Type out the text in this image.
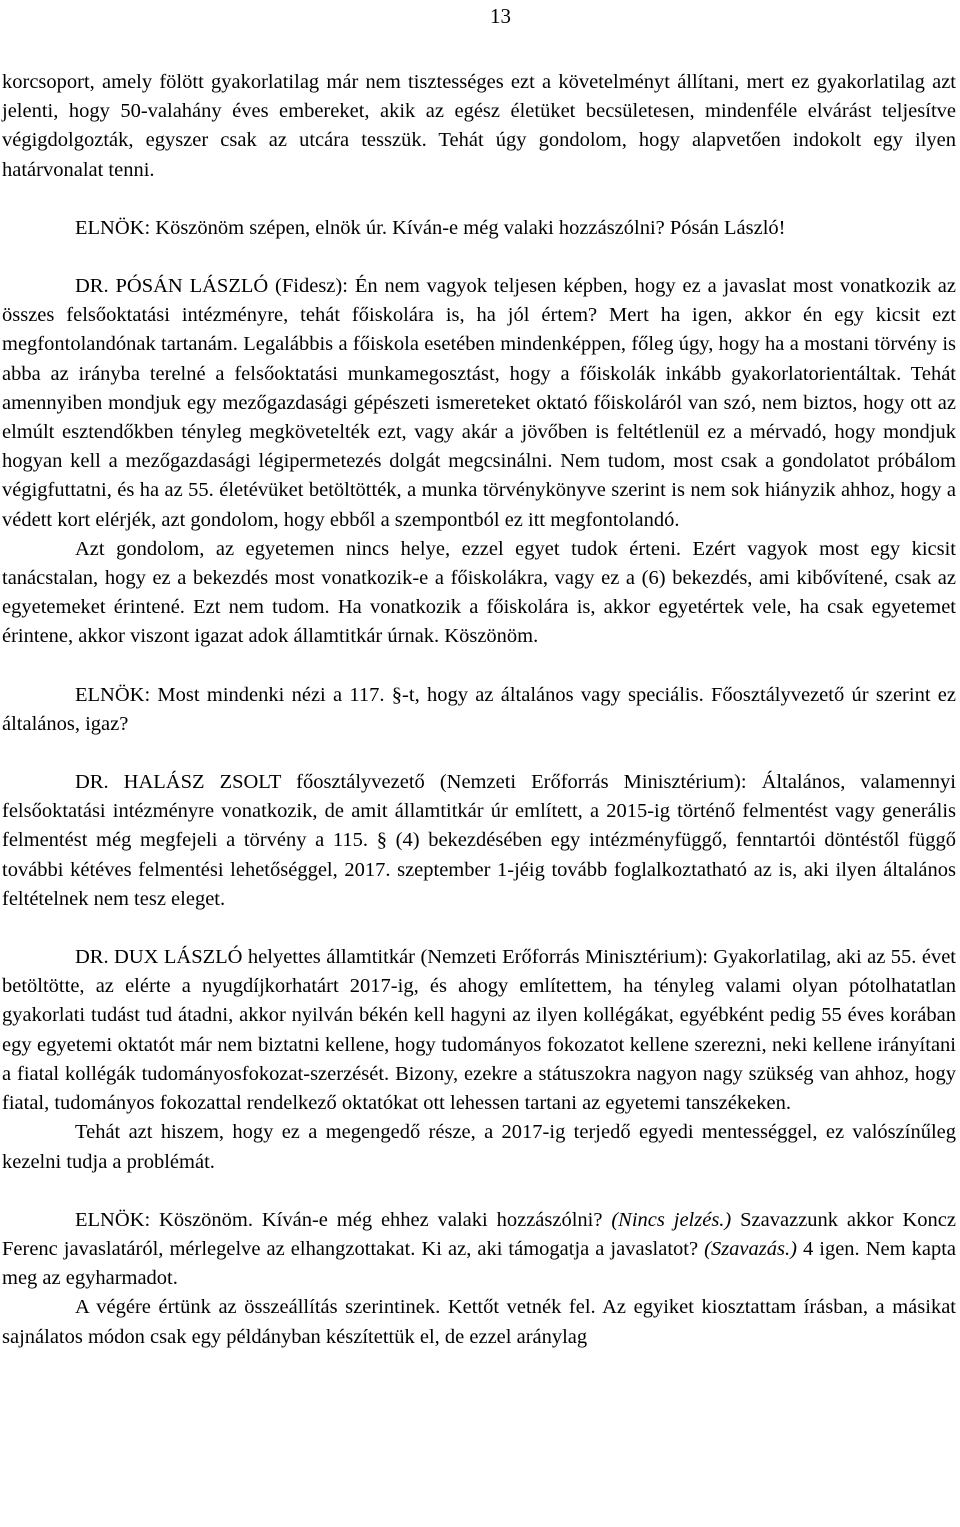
13

korcsoport, amely fölött gyakorlatilag már nem tisztességes ezt a követelményt állítani, mert ez gyakorlatilag azt jelenti, hogy 50-valahány éves embereket, akik az egész életüket becsületesen, mindenféle elvárást teljesítve végigdolgozták, egyszer csak az utcára tesszük. Tehát úgy gondolom, hogy alapvetően indokolt egy ilyen határvonalat tenni.

ELNÖK: Köszönöm szépen, elnök úr. Kíván-e még valaki hozzászólni? Pósán László!

DR. PÓSÁN LÁSZLÓ (Fidesz): Én nem vagyok teljesen képben, hogy ez a javaslat most vonatkozik az összes felsőoktatási intézményre, tehát főiskolára is, ha jól értem? Mert ha igen, akkor én egy kicsit ezt megfontolandónak tartanám. Legalábbis a főiskola esetében mindenképpen, főleg úgy, hogy ha a mostani törvény is abba az irányba terelné a felsőoktatási munkamegosztást, hogy a főiskolák inkább gyakorlatorientáltak. Tehát amennyiben mondjuk egy mezőgazdasági gépészeti ismereteket oktató főiskoláról van szó, nem biztos, hogy ott az elmúlt esztendőkben tényleg megkövetelték ezt, vagy akár a jövőben is feltétlenül ez a mérvadó, hogy mondjuk hogyan kell a mezőgazdasági légipermetezés dolgát megcsinálni. Nem tudom, most csak a gondolatot próbálom végigfuttatni, és ha az 55. életévüket betöltötték, a munka törvénykönyve szerint is nem sok hiányzik ahhoz, hogy a védett kort elérjék, azt gondolom, hogy ebből a szempontból ez itt megfontolandó.

Azt gondolom, az egyetemen nincs helye, ezzel egyet tudok érteni. Ezért vagyok most egy kicsit tanácstalan, hogy ez a bekezdés most vonatkozik-e a főiskolákra, vagy ez a (6) bekezdés, ami kibővítené, csak az egyetemeket érintené. Ezt nem tudom. Ha vonatkozik a főiskolára is, akkor egyetértek vele, ha csak egyetemet érintene, akkor viszont igazat adok államtitkár úrnak. Köszönöm.

ELNÖK: Most mindenki nézi a 117. §-t, hogy az általános vagy speciális. Főosztályvezető úr szerint ez általános, igaz?

DR. HALÁSZ ZSOLT főosztályvezető (Nemzeti Erőforrás Minisztérium): Általános, valamennyi felsőoktatási intézményre vonatkozik, de amit államtitkár úr említett, a 2015-ig történő felmentést vagy generális felmentést még megfejeli a törvény a 115. § (4) bekezdésében egy intézményfüggő, fenntartói döntéstől függő további kétéves felmentési lehetőséggel, 2017. szeptember 1-jéig tovább foglalkoztatható az is, aki ilyen általános feltételnek nem tesz eleget.

DR. DUX LÁSZLÓ helyettes államtitkár (Nemzeti Erőforrás Minisztérium): Gyakorlatilag, aki az 55. évet betöltötte, az elérte a nyugdíjkorhatárt 2017-ig, és ahogy említettem, ha tényleg valami olyan pótolhatatlan gyakorlati tudást tud átadni, akkor nyilván békén kell hagyni az ilyen kollégákat, egyébként pedig 55 éves korában egy egyetemi oktatót már nem biztatni kellene, hogy tudományos fokozatot kellene szerezni, neki kellene irányítani a fiatal kollégák tudományosfokozat-szerzését. Bizony, ezekre a státuszokra nagyon nagy szükség van ahhoz, hogy fiatal, tudományos fokozattal rendelkező oktatókat ott lehessen tartani az egyetemi tanszékeken.

Tehát azt hiszem, hogy ez a megengedő része, a 2017-ig terjedő egyedi mentességgel, ez valószínűleg kezelni tudja a problémát.

ELNÖK: Köszönöm. Kíván-e még ehhez valaki hozzászólni? (Nincs jelzés.) Szavazzunk akkor Koncz Ferenc javaslatáról, mérlegelve az elhangzottakat. Ki az, aki támogatja a javaslatot? (Szavazás.) 4 igen. Nem kapta meg az egyharmadot.

A végére értünk az összeállítás szerintinek. Kettőt vetnék fel. Az egyiket kiosztattam írásban, a másikat sajnálatos módon csak egy példányban készítettük el, de ezzel aránylag
